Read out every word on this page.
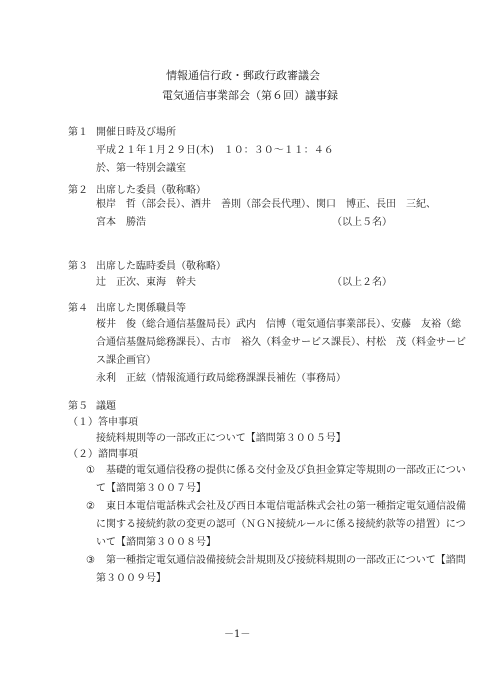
情報通信行政・郵政行政審議会
電気通信事業部会（第６回）議事録
第１ 開催日時及び場所
平成２１年１月２９日(木)　１０：３０～１１：４６
於、第一特別会議室
第２ 出席した委員（敬称略）
根岸　哲（部会長）、酒井　善則（部会長代理）、関口　博正、長田　三紀、
宮本　勝浩	（以上５名）
第３ 出席した臨時委員（敬称略）
辻　正次、東海　幹夫	（以上２名）
第４ 出席した関係職員等
桜井　俊（総合通信基盤局長）武内　信博（電気通信事業部長）、安藤　友裕（総
合通信基盤局総務課長）、古市　裕久（料金サービス課長）、村松　茂（料金サービ
ス課企画官）
永利　正絃（情報流通行政局総務課課長補佐（事務局）
第５ 議題
（１）答申事項
接続料規則等の一部改正について【諮問第３００５号】
（２）諮問事項
① 基礎的電気通信役務の提供に係る交付金及び負担金算定等規則の一部改正につい
て【諮問第３００７号】
② 東日本電信電話株式会社及び西日本電信電話株式会社の第一種指定電気通信設備
に関する接続約款の変更の認可（ＮＧＮ接続ルールに係る接続約款等の措置）につ
いて【諮問第３００８号】
③ 第一種指定電気通信設備接続会計規則及び接続料規則の一部改正について【諮問
第３００９号】
－1－
